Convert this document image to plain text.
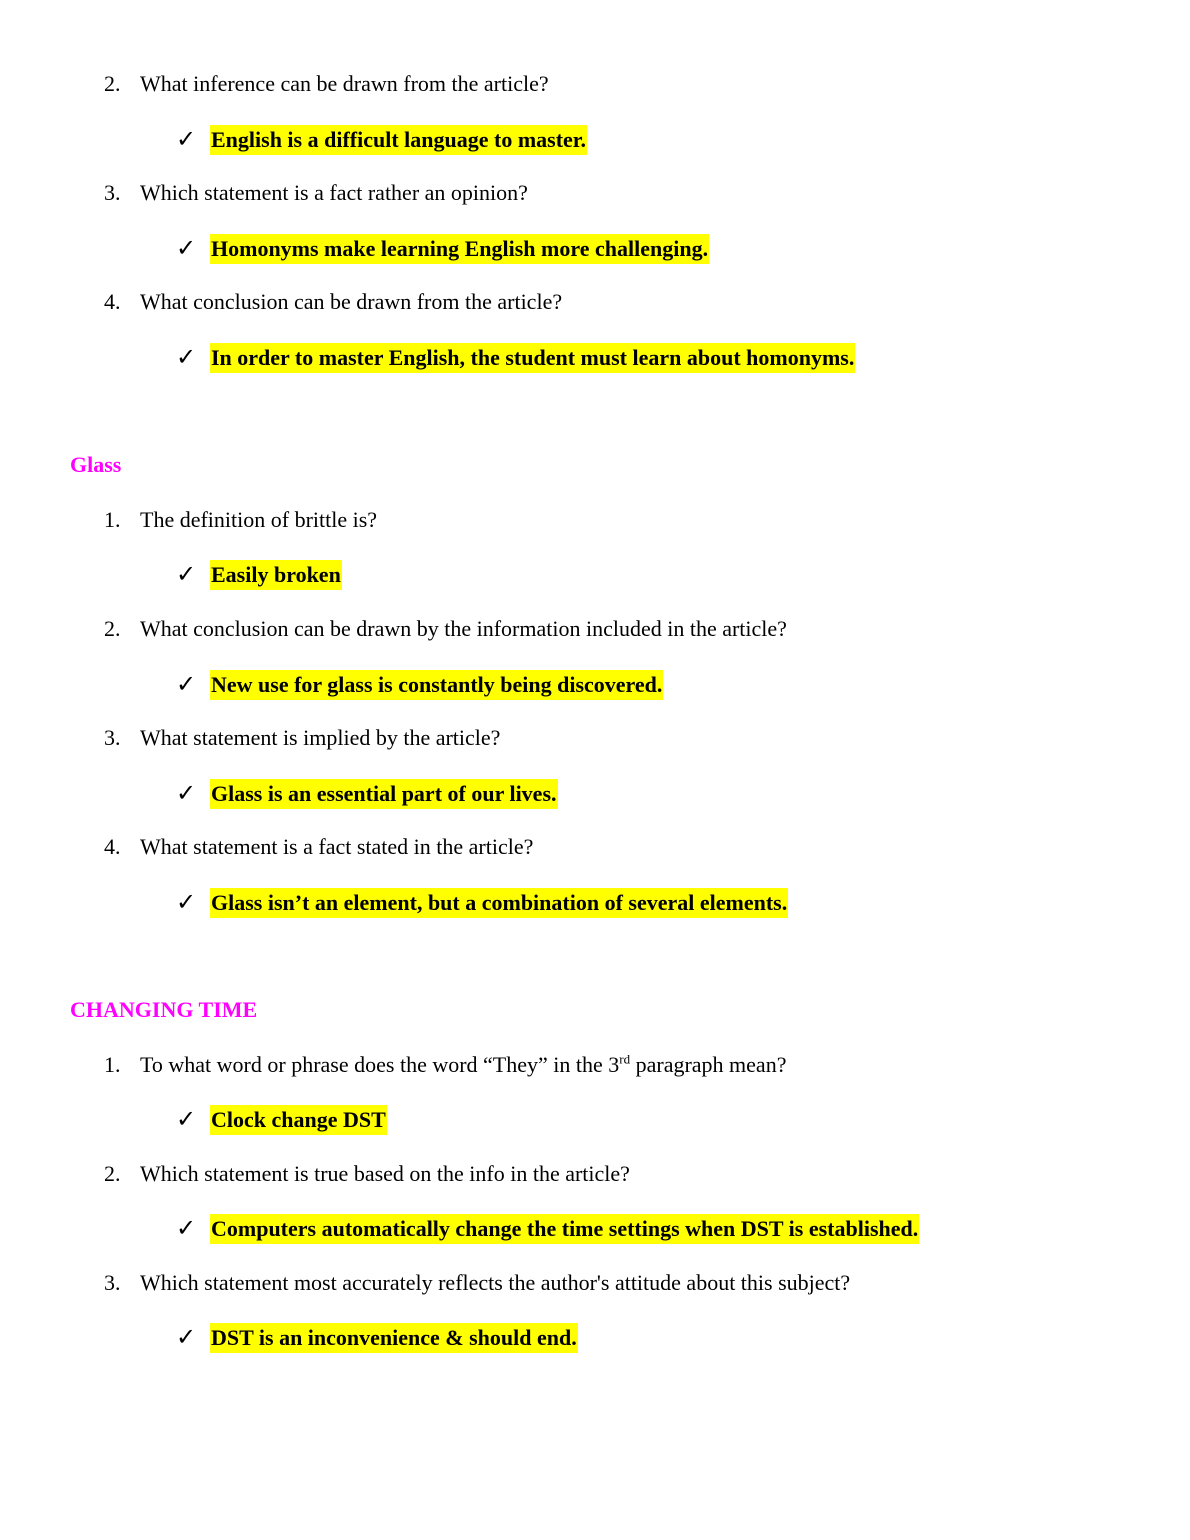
2. What inference can be drawn from the article?
✓ English is a difficult language to master.
3. Which statement is a fact rather an opinion?
✓ Homonyms make learning English more challenging.
4. What conclusion can be drawn from the article?
✓ In order to master English, the student must learn about homonyms.
Glass
1. The definition of brittle is?
✓ Easily broken
2. What conclusion can be drawn by the information included in the article?
✓ New use for glass is constantly being discovered.
3. What statement is implied by the article?
✓ Glass is an essential part of our lives.
4. What statement is a fact stated in the article?
✓ Glass isn’t an element, but a combination of several elements.
CHANGING TIME
1. To what word or phrase does the word “They” in the 3rd paragraph mean?
✓ Clock change DST
2. Which statement is true based on the info in the article?
✓ Computers automatically change the time settings when DST is established.
3. Which statement most accurately reflects the author's attitude about this subject?
✓ DST is an inconvenience & should end.
